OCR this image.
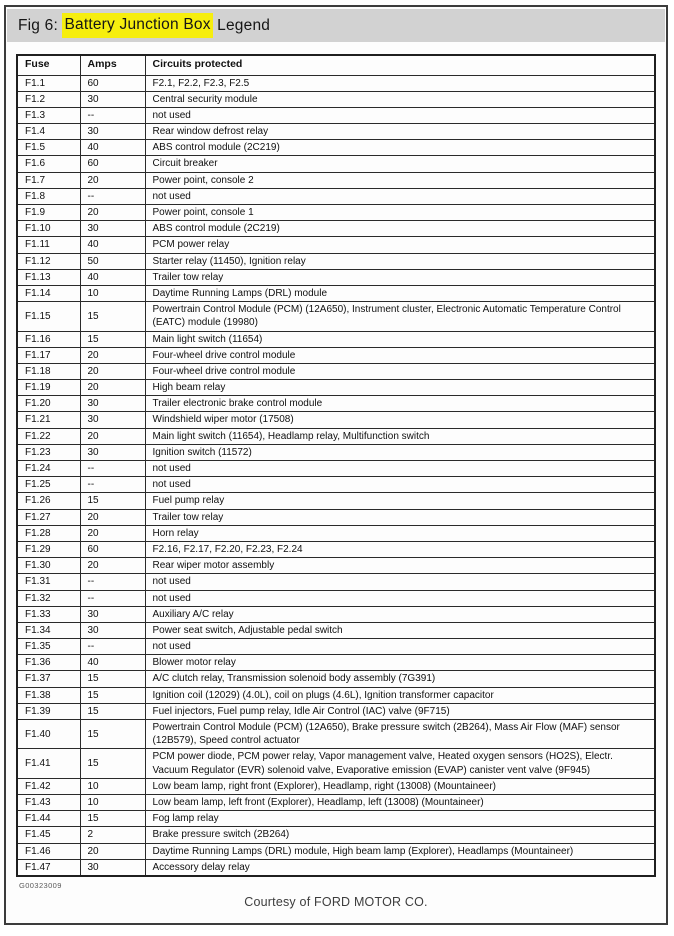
Fig 6: Battery Junction Box Legend
Fuse	Amps	Circuits protected
F1.1	60	F2.1, F2.2, F2.3, F2.5
F1.2	30	Central security module
F1.3	--	not used
F1.4	30	Rear window defrost relay
F1.5	40	ABS control module (2C219)
F1.6	60	Circuit breaker
F1.7	20	Power point, console 2
F1.8	--	not used
F1.9	20	Power point, console 1
F1.10	30	ABS control module (2C219)
F1.11	40	PCM power relay
F1.12	50	Starter relay (11450), Ignition relay
F1.13	40	Trailer tow relay
F1.14	10	Daytime Running Lamps (DRL) module
F1.15	15	Powertrain Control Module (PCM) (12A650), Instrument cluster, Electronic Automatic Temperature Control (EATC) module (19980)
F1.16	15	Main light switch (11654)
F1.17	20	Four-wheel drive control module
F1.18	20	Four-wheel drive control module
F1.19	20	High beam relay
F1.20	30	Trailer electronic brake control module
F1.21	30	Windshield wiper motor (17508)
F1.22	20	Main light switch (11654), Headlamp relay, Multifunction switch
F1.23	30	Ignition switch (11572)
F1.24	--	not used
F1.25	--	not used
F1.26	15	Fuel pump relay
F1.27	20	Trailer tow relay
F1.28	20	Horn relay
F1.29	60	F2.16, F2.17, F2.20, F2.23, F2.24
F1.30	20	Rear wiper motor assembly
F1.31	--	not used
F1.32	--	not used
F1.33	30	Auxiliary A/C relay
F1.34	30	Power seat switch, Adjustable pedal switch
F1.35	--	not used
F1.36	40	Blower motor relay
F1.37	15	A/C clutch relay, Transmission solenoid body assembly (7G391)
F1.38	15	Ignition coil (12029) (4.0L), coil on plugs (4.6L), Ignition transformer capacitor
F1.39	15	Fuel injectors, Fuel pump relay, Idle Air Control (IAC) valve (9F715)
F1.40	15	Powertrain Control Module (PCM) (12A650), Brake pressure switch (2B264), Mass Air Flow (MAF) sensor (12B579), Speed control actuator
F1.41	15	PCM power diode, PCM power relay, Vapor management valve, Heated oxygen sensors (HO2S), Electr. Vacuum Regulator (EVR) solenoid valve, Evaporative emission (EVAP) canister vent valve (9F945)
F1.42	10	Low beam lamp, right front (Explorer), Headlamp, right (13008) (Mountaineer)
F1.43	10	Low beam lamp, left front (Explorer), Headlamp, left (13008) (Mountaineer)
F1.44	15	Fog lamp relay
F1.45	2	Brake pressure switch (2B264)
F1.46	20	Daytime Running Lamps (DRL) module, High beam lamp (Explorer), Headlamps (Mountaineer)
F1.47	30	Accessory delay relay
G00323009
Courtesy of FORD MOTOR CO.
